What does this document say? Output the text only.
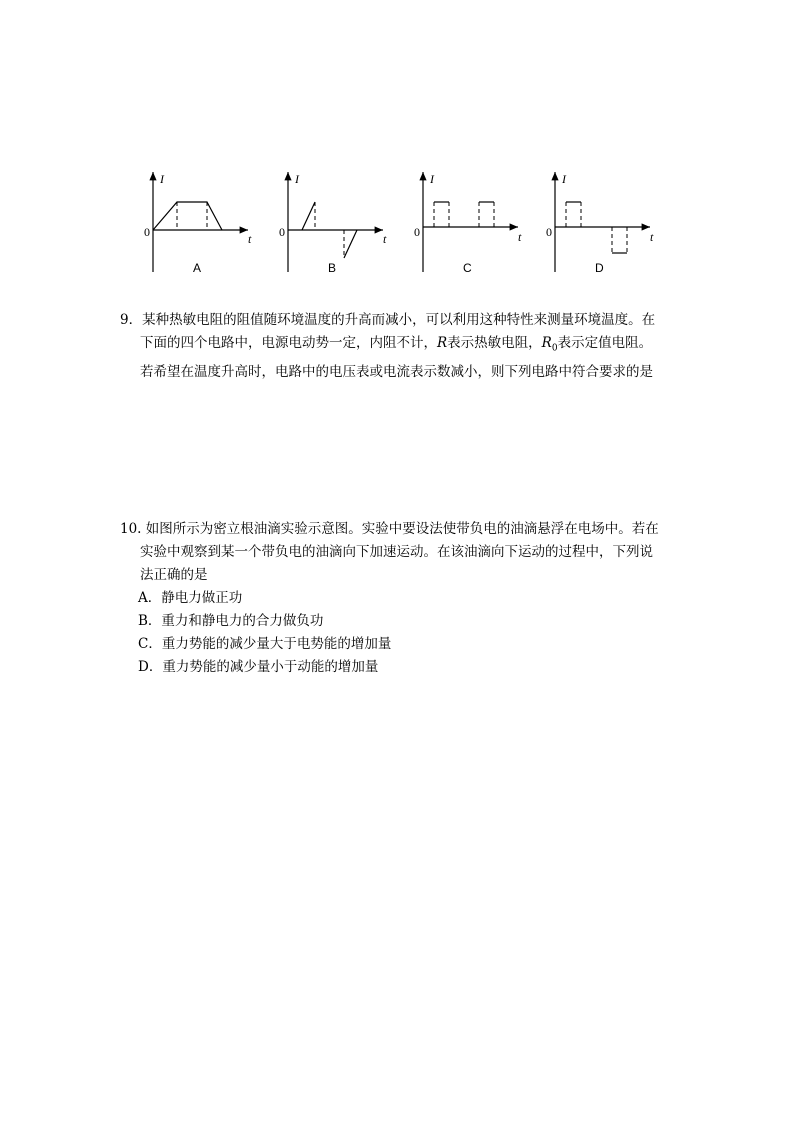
I
t
0
A
I
t
0
B
I
t
0
C
I
t
0
D
9．某种热敏电阻的阻值随环境温度的升高而减小，可以利用这种特性来测量环境温度。在
下面的四个电路中，电源电动势一定，内阻不计，R表示热敏电阻，$R_0$表示定值电阻。
若希望在温度升高时，电路中的电压表或电流表示数减小，则下列电路中符合要求的是
10. 如图所示为密立根油滴实验示意图。实验中要设法使带负电的油滴悬浮在电场中。若在
实验中观察到某一个带负电的油滴向下加速运动。在该油滴向下运动的过程中，下列说
法正确的是
A．静电力做正功
B．重力和静电力的合力做负功
C．重力势能的减少量大于电势能的增加量
D．重力势能的减少量小于动能的增加量
